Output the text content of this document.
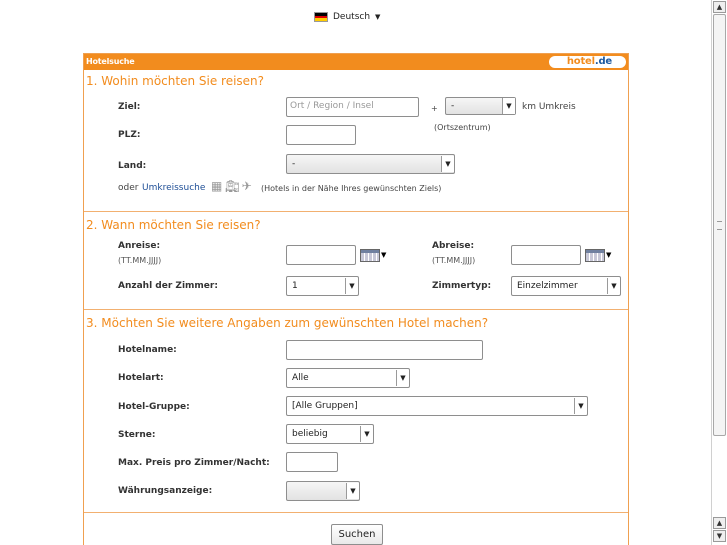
Deutsch ▼
Hotelsuche	hotel.de
1. Wohin möchten Sie reisen?
Ziel:	Ort / Region / Insel	+	-	▼	km Umkreis
(Ortszentrum)
PLZ:
Land:	-	▼
oder Umkreissuche ▦ 🚉︎ ✈︎ (Hotels in der Nähe Ihres gewünschten Ziels)
2. Wann möchten Sie reisen?
Anreise:
(TT.MM.JJJJ)
▼
Abreise:
(TT.MM.JJJJ)
▼
Anzahl der Zimmer:	1	▼	Zimmertyp:	Einzelzimmer	▼
3. Möchten Sie weitere Angaben zum gewünschten Hotel machen?
Hotelname:
Hotelart:	Alle	▼
Hotel-Gruppe:	[Alle Gruppen]	▼
Sterne:	beliebig	▼
Max. Preis pro Zimmer/Nacht:
Währungsanzeige:	▼
Suchen
▲
▲
▼
